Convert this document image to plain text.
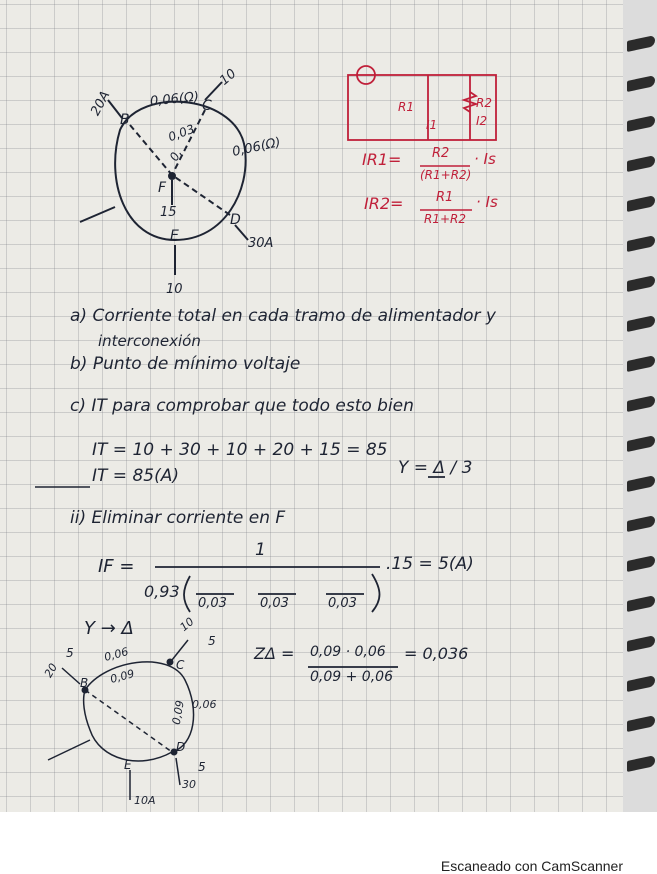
20A
B
0,06(Ω) C
10
0,03
0,	0,06(Ω)
F
15	D
30A
E
10
R1	R2
I1	I2
IR1= R2
(R1+R2)
· Is
IR2=	R1
R1+R2
· Is
a) Corriente total en cada tramo de alimentador y
interconexión
b) Punto de mínimo voltaje
c) IT para comprobar que todo esto bien
IT = 10 + 30 + 10 + 20 + 15 = 85
IT = 85(A)	Y = Δ / 3
ii) Eliminar corriente en F
IF =
1
0,93
0,03	0,03	0,03
.15 = 5(A)
Y → Δ
ZΔ = 0,09 · 0,06
0,09 + 0,06
= 0,036
20
5
B
0,06
0,09
10
5
C
0,09 0,06
D
5
30
E
10A
Escaneado con CamScanner
